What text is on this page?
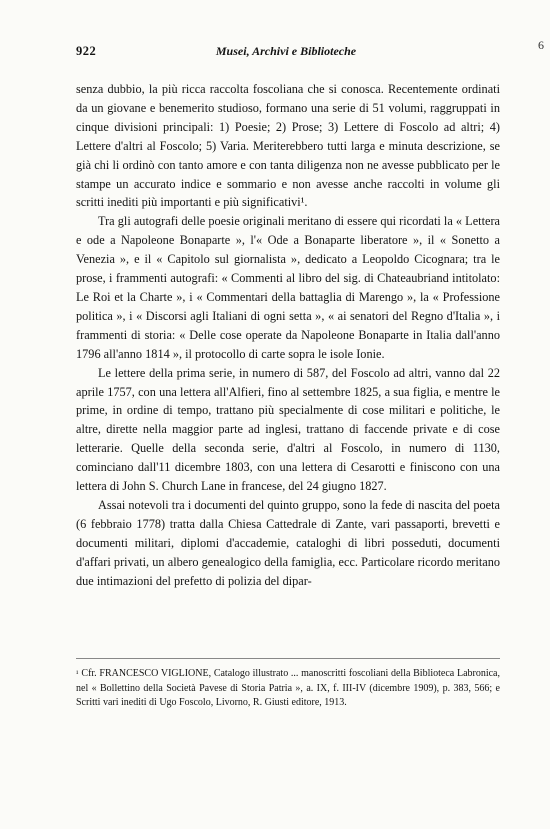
922	Musei, Archivi e Biblioteche	6

senza dubbio, la più ricca raccolta foscoliana che si conosca. Recentemente ordinati da un giovane e benemerito studioso, formano una serie di 51 volumi, raggruppati in cinque divisioni principali: 1) Poesie; 2) Prose; 3) Lettere di Foscolo ad altri; 4) Lettere d'altri al Foscolo; 5) Varia. Meriterebbero tutti larga e minuta descrizione, se già chi li ordinò con tanto amore e con tanta diligenza non ne avesse pubblicato per le stampe un accurato indice e sommario e non avesse anche raccolti in volume gli scritti inediti più importanti e più significativi¹.

Tra gli autografi delle poesie originali meritano di essere qui ricordati la « Lettera e ode a Napoleone Bonaparte », l'« Ode a Bonaparte liberatore », il « Sonetto a Venezia », e il « Capitolo sul giornalista », dedicato a Leopoldo Cicognara; tra le prose, i frammenti autografi: « Commenti al libro del sig. di Chateaubriand intitolato: Le Roi et la Charte », i « Commentari della battaglia di Marengo », la « Professione politica », i « Discorsi agli Italiani di ogni setta », « ai senatori del Regno d'Italia », i frammenti di storia: « Delle cose operate da Napoleone Bonaparte in Italia dall'anno 1796 all'anno 1814 », il protocollo di carte sopra le isole Ionie.

Le lettere della prima serie, in numero di 587, del Foscolo ad altri, vanno dal 22 aprile 1757, con una lettera all'Alfieri, fino al settembre 1825, a sua figlia, e mentre le prime, in ordine di tempo, trattano più specialmente di cose militari e politiche, le altre, dirette nella maggior parte ad inglesi, trattano di faccende private e di cose letterarie. Quelle della seconda serie, d'altri al Foscolo, in numero di 1130, cominciano dall'11 dicembre 1803, con una lettera di Cesarotti e finiscono con una lettera di John S. Church Lane in francese, del 24 giugno 1827.

Assai notevoli tra i documenti del quinto gruppo, sono la fede di nascita del poeta (6 febbraio 1778) tratta dalla Chiesa Cattedrale di Zante, vari passaporti, brevetti e documenti militari, diplomi d'accademie, cataloghi di libri posseduti, documenti d'affari privati, un albero genealogico della famiglia, ecc. Particolare ricordo meritano due intimazioni del prefetto di polizia del dipar-

$^{^1}$ Cfr. FRANCESCO VIGLIONE, Catalogo illustrato ... manoscritti foscoliani della Biblioteca Labronica, nel « Bollettino della Società Pavese di Storia Patria », a. IX, f. III-IV (dicembre 1909), p. 383, 566; e Scritti vari inediti di Ugo Foscolo, Livorno, R. Giusti editore, 1913.
